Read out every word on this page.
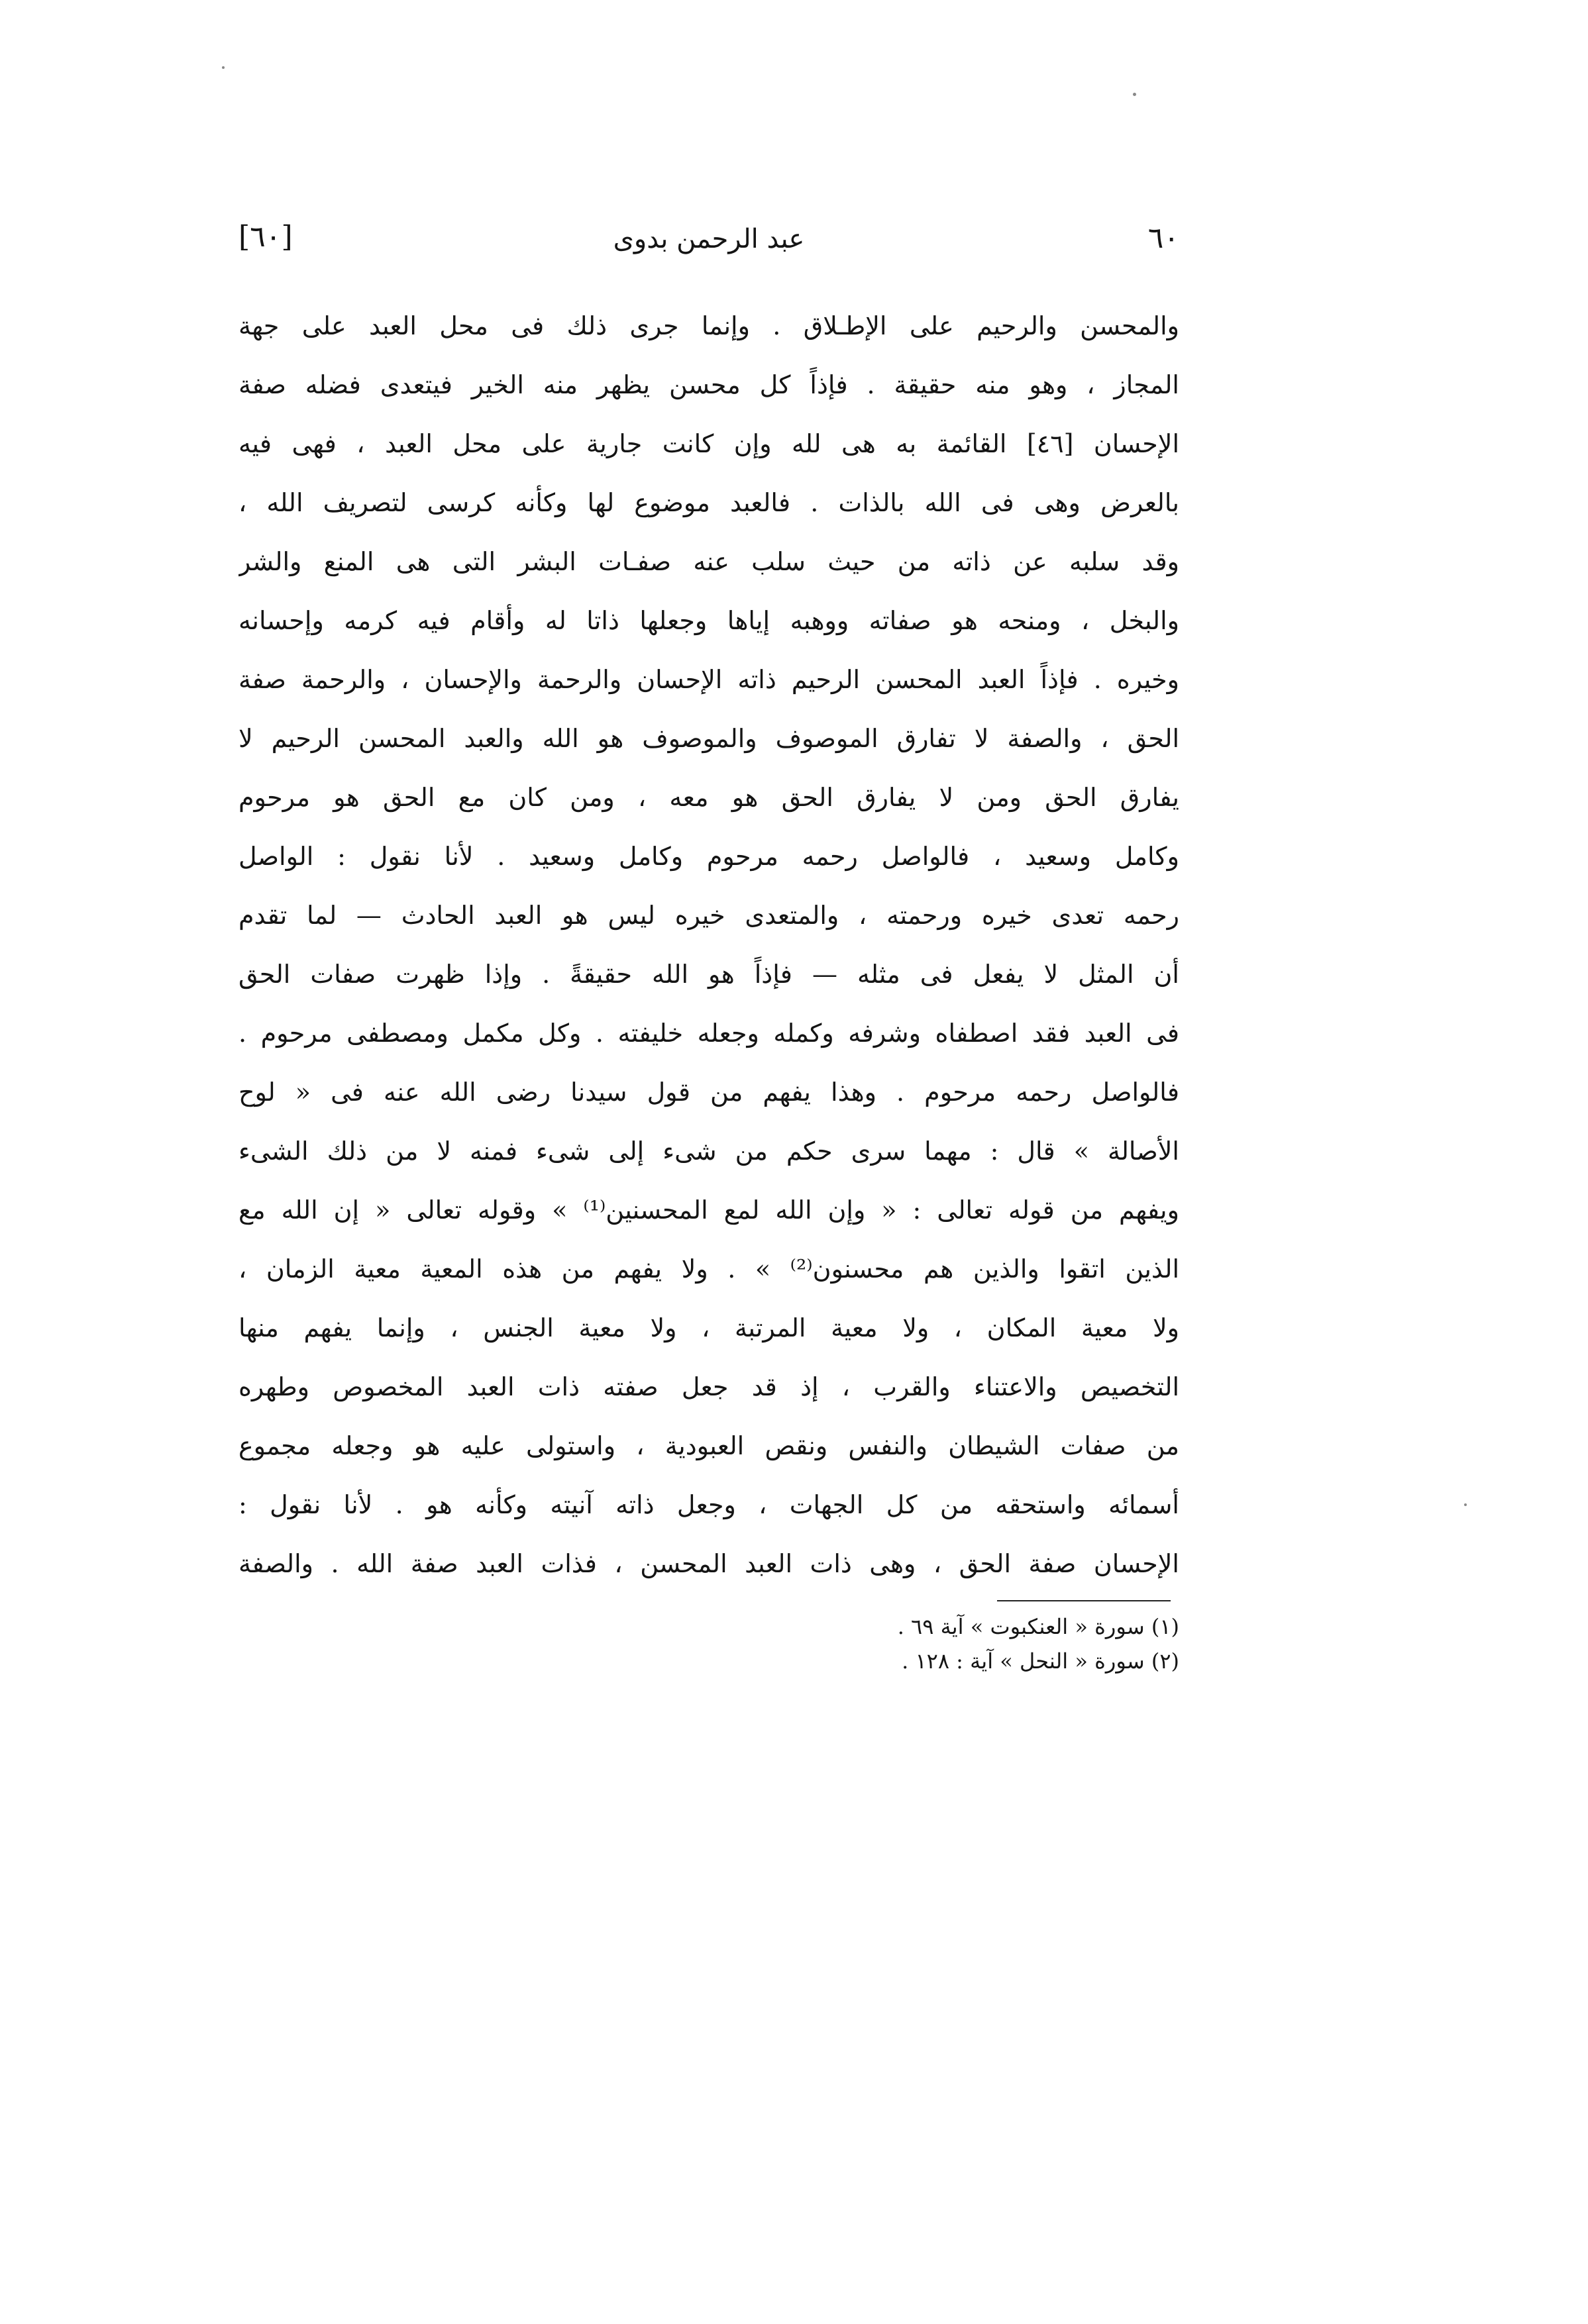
٦٠
عبد الرحمن بدوى
[٦٠]
والمحسن والرحيم على الإطـلاق . وإنما جرى ذلك فى محل العبد على جهة
المجاز ، وهو منه حقيقة . فإذاً كل محسن يظهر منه الخير فيتعدى فضله صفة
الإحسان [٤٦] القائمة به هى لله وإن كانت جارية على محل العبد ، فهى فيه
بالعرض وهى فى الله بالذات . فالعبد موضوع لها وكأنه كرسى لتصريف الله ،
وقد سلبه عن ذاته من حيث سلب عنه صفـات البشر التى هى المنع والشر
والبخل ، ومنحه هو صفاته ووهبه إياها وجعلها ذاتا له وأقام فيه كرمه وإحسانه
وخيره . فإذاً العبد المحسن الرحيم ذاته الإحسان والرحمة والإحسان ، والرحمة صفة
الحق ، والصفة لا تفارق الموصوف والموصوف هو الله والعبد المحسن الرحيم لا
يفارق الحق ومن لا يفارق الحق هو معه ، ومن كان مع الحق هو مرحوم
وكامل وسعيد ، فالواصل رحمه مرحوم وكامل وسعيد . لأنا نقول : الواصل
رحمه تعدى خيره ورحمته ، والمتعدى خيره ليس هو العبد الحادث — لما تقدم
أن المثل لا يفعل فى مثله — فإذاً هو الله حقيقةً . وإذا ظهرت صفات الحق
فى العبد فقد اصطفاه وشرفه وكمله وجعله خليفته . وكل مكمل ومصطفى مرحوم .
فالواصل رحمه مرحوم . وهذا يفهم من قول سيدنا رضى الله عنه فى « لوح
الأصالة » قال : مهما سرى حكم من شىء إلى شىء فمنه لا من ذلك الشىء
ويفهم من قوله تعالى : « وإن الله لمع المحسنين⁽¹⁾ » وقوله تعالى « إن الله مع
الذين اتقوا والذين هم محسنون⁽²⁾ » . ولا يفهم من هذه المعية معية الزمان ،
ولا معية المكان ، ولا معية المرتبة ، ولا معية الجنس ، وإنما يفهم منها
التخصيص والاعتناء والقرب ، إذ قد جعل صفته ذات العبد المخصوص وطهره
من صفات الشيطان والنفس ونقص العبودية ، واستولى عليه هو وجعله مجموع
أسمائه واستحقه من كل الجهات ، وجعل ذاته آنيته وكأنه هو . لأنا نقول :
الإحسان صفة الحق ، وهى ذات العبد المحسن ، فذات العبد صفة الله . والصفة
(١) سورة « العنكبوت » آية ٦٩ .
(٢) سورة « النحل » آية : ١٢٨ .
